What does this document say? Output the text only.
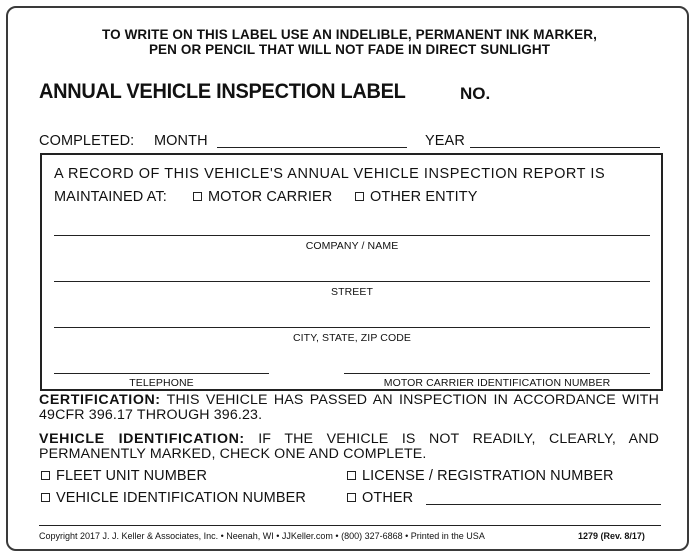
TO WRITE ON THIS LABEL USE AN INDELIBLE, PERMANENT INK MARKER,
PEN OR PENCIL THAT WILL NOT FADE IN DIRECT SUNLIGHT
ANNUAL VEHICLE INSPECTION LABEL	NO.
COMPLETED: MONTH	YEAR
A RECORD OF THIS VEHICLE'S ANNUAL VEHICLE INSPECTION REPORT IS
MAINTAINED AT:	MOTOR CARRIER	OTHER ENTITY
COMPANY / NAME
STREET
CITY, STATE, ZIP CODE
TELEPHONE	MOTOR CARRIER IDENTIFICATION NUMBER
CERTIFICATION: THIS VEHICLE HAS PASSED AN INSPECTION IN ACCORDANCE WITH 49CFR 396.17 THROUGH 396.23.
VEHICLE IDENTIFICATION: IF THE VEHICLE IS NOT READILY, CLEARLY, AND PERMANENTLY MARKED, CHECK ONE AND COMPLETE.
FLEET UNIT NUMBER	LICENSE / REGISTRATION NUMBER
VEHICLE IDENTIFICATION NUMBER	OTHER
Copyright 2017 J. J. Keller & Associates, Inc. • Neenah, WI • JJKeller.com • (800) 327-6868 • Printed in the USA	1279 (Rev. 8/17)
